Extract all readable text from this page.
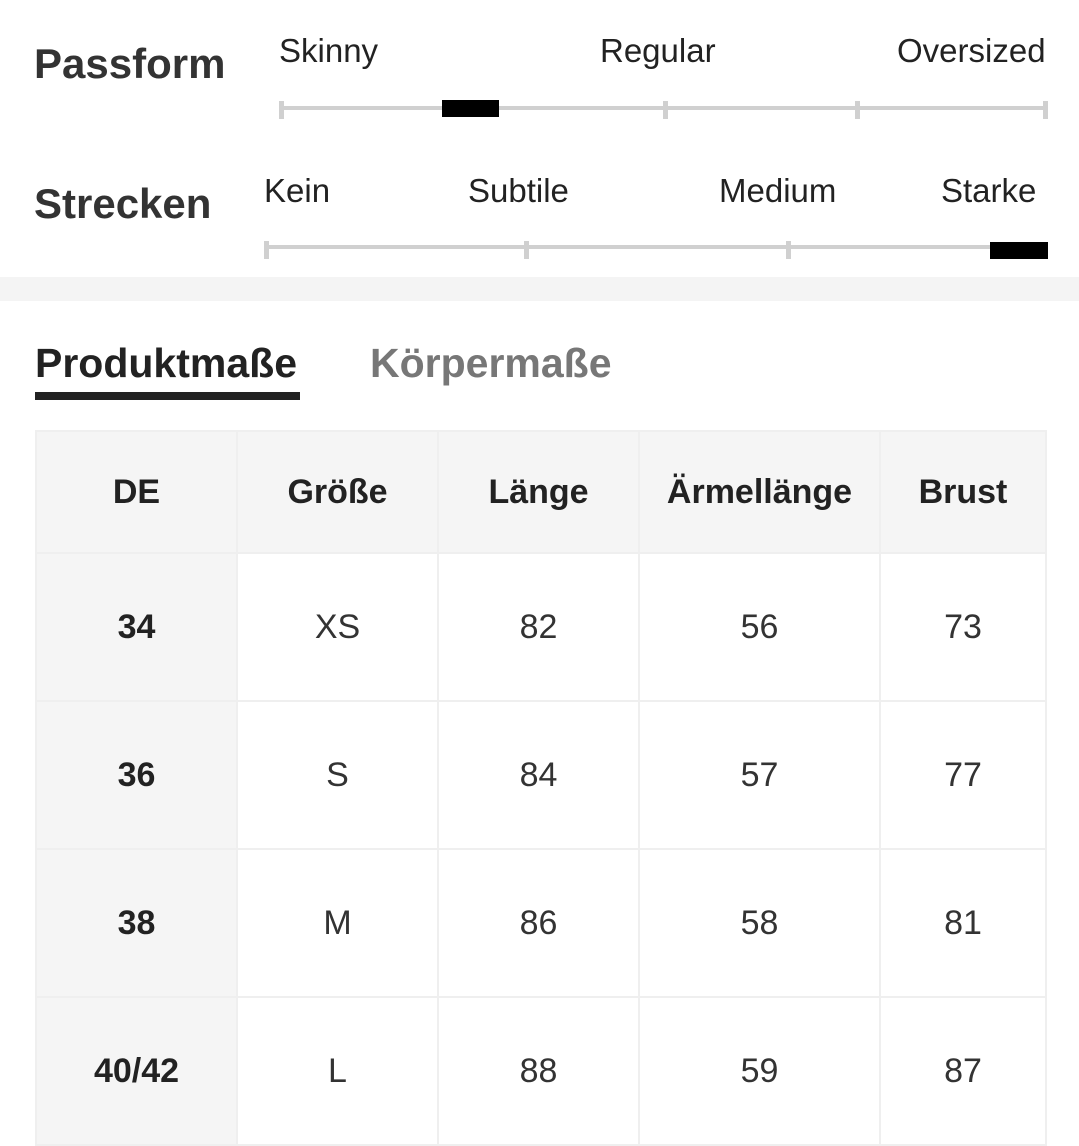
Passform Skinny	Regular	Oversized
Strecken Kein	Subtile	Medium	Starke
Produktmaße Körpermaße
DE	Größe	Länge	Ärmellänge	Brust
34	XS	82	56	73
36	S	84	57	77
38	M	86	58	81
40/42	L	88	59	87
